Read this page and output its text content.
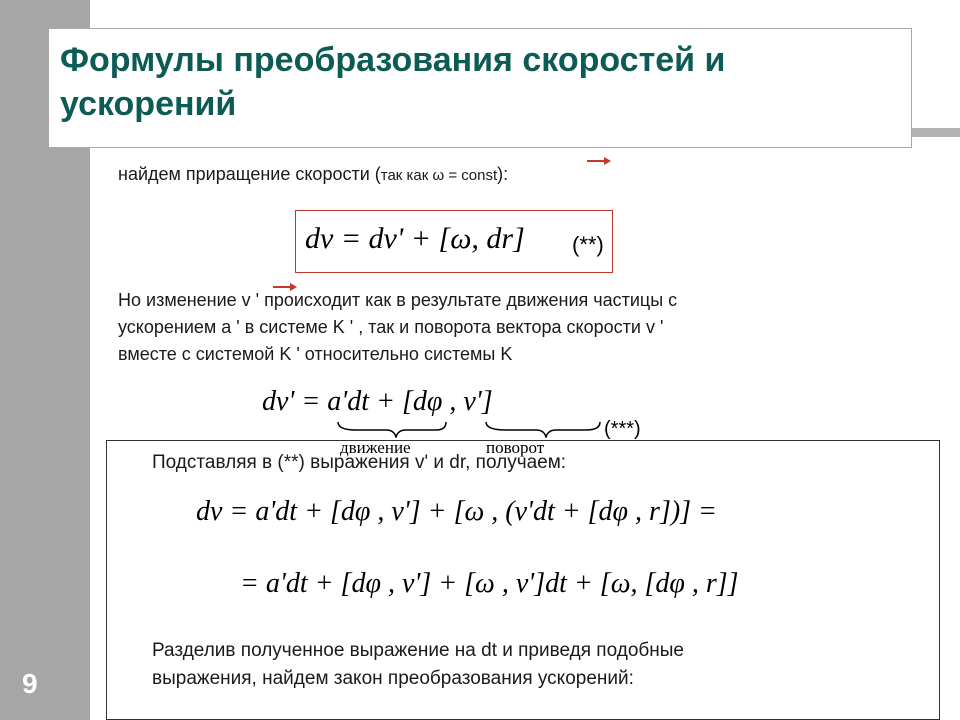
9
Формулы преобразования скоростей и ускорений

найдем приращение скорости (так как ω = const):

dv = dv' + [ω, dr] (**)

Но изменение v ' происходит как в результате движения частицы с

ускорением a ' в системе K ' , так и поворота вектора скорости v '

вместе с системой K ' относительно системы K

dv' = a'dt + [dφ , v']

движение	поворот
(***)

Подставляя в (**) выражения v' и dr, получаем:

dv = a'dt + [dφ , v'] + [ω , (v'dt + [dφ , r])] =

= a'dt + [dφ , v'] + [ω , v']dt + [ω, [dφ , r]]

Разделив полученное выражение на dt и приведя подобные

выражения, найдем закон преобразования ускорений:
